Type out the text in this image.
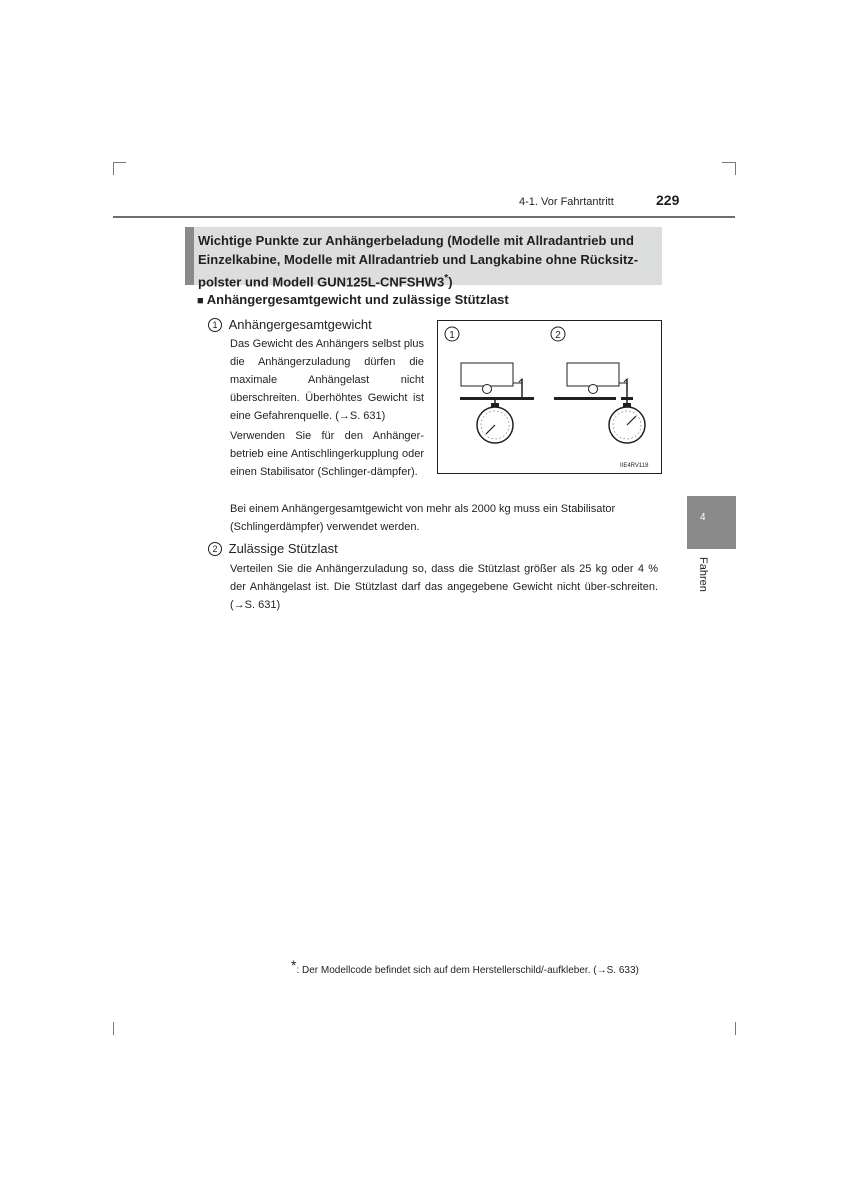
4-1. Vor Fahrtantritt	229
Wichtige Punkte zur Anhängerbeladung (Modelle mit Allradantrieb und Einzelkabine, Modelle mit Allradantrieb und Langkabine ohne Rücksitz-polster und Modell GUN125L-CNFSHW3*)
■ Anhängergesamtgewicht und zulässige Stützlast
1 Anhängergesamtgewicht
Das Gewicht des Anhängers selbst plus die Anhängerzuladung dürfen die maximale Anhängelast nicht überschreiten. Überhöhtes Gewicht ist eine Gefahrenquelle. (→S. 631)
Verwenden Sie für den Anhänger-betrieb eine Antischlingerkupplung oder einen Stabilisator (Schlinger-dämpfer).
Bei einem Anhängergesamtgewicht von mehr als 2000 kg muss ein Stabilisator (Schlingerdämpfer) verwendet werden.
1	2
IIE4RV118
2 Zulässige Stützlast
Verteilen Sie die Anhängerzuladung so, dass die Stützlast größer als 25 kg oder 4 % der Anhängelast ist. Die Stützlast darf das angegebene Gewicht nicht über-schreiten. (→S. 631)
4
Fahren
*: Der Modellcode befindet sich auf dem Herstellerschild/-aufkleber. (→S. 633)
